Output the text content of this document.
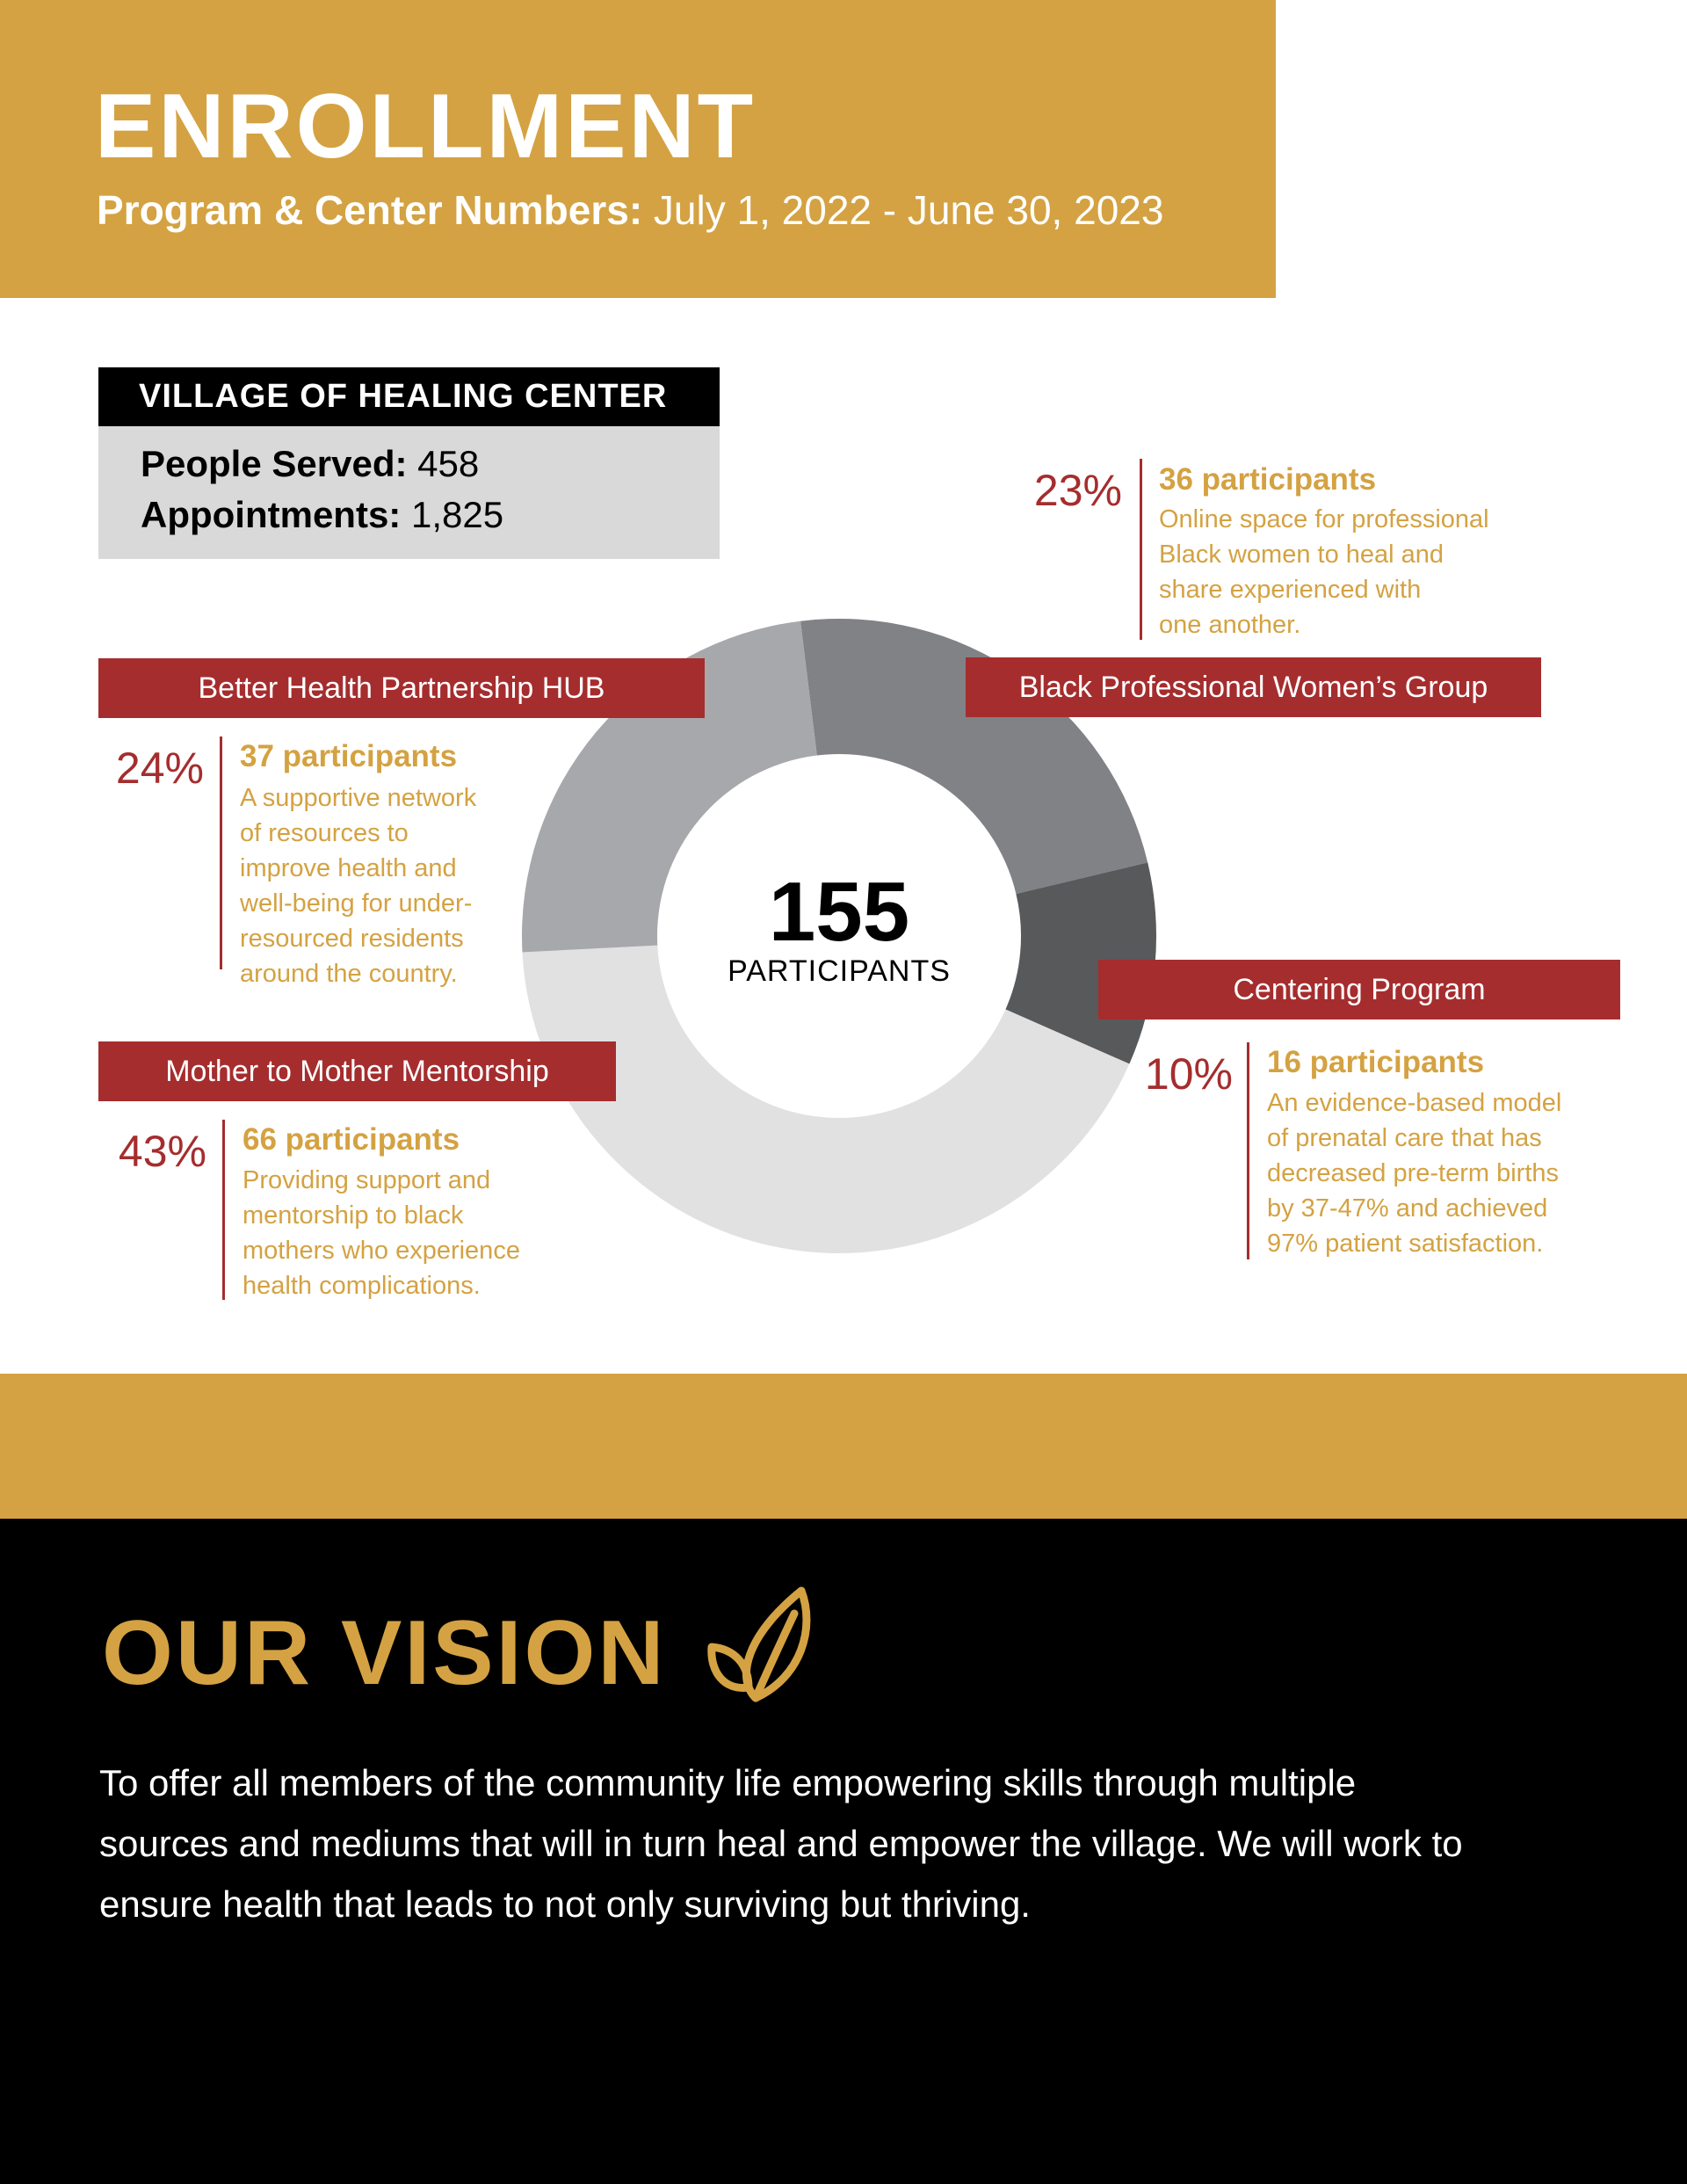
ENROLLMENT
Program & Center Numbers: July 1, 2022 - June 30, 2023
VILLAGE OF HEALING CENTER
People Served: 458
Appointments: 1,825
155
PARTICIPANTS
23% 36 participants
Online space for professional
Black women to heal and
share experienced with
one another.
Black Professional Women’s Group
Better Health Partnership HUB
24% 37 participants
A supportive network
of resources to
improve health and
well-being for under-
resourced residents
around the country.	Centering Program
10% 16 participants
An evidence-based model
of prenatal care that has
decreased pre-term births
by 37-47% and achieved
97% patient satisfaction.
Mother to Mother Mentorship
43% 66 participants
Providing support and
mentorship to black
mothers who experience
health complications.
OUR VISION
To offer all members of the community life empowering skills through multiple sources and mediums that will in turn heal and empower the village. We will work to ensure health that leads to not only surviving but thriving.
